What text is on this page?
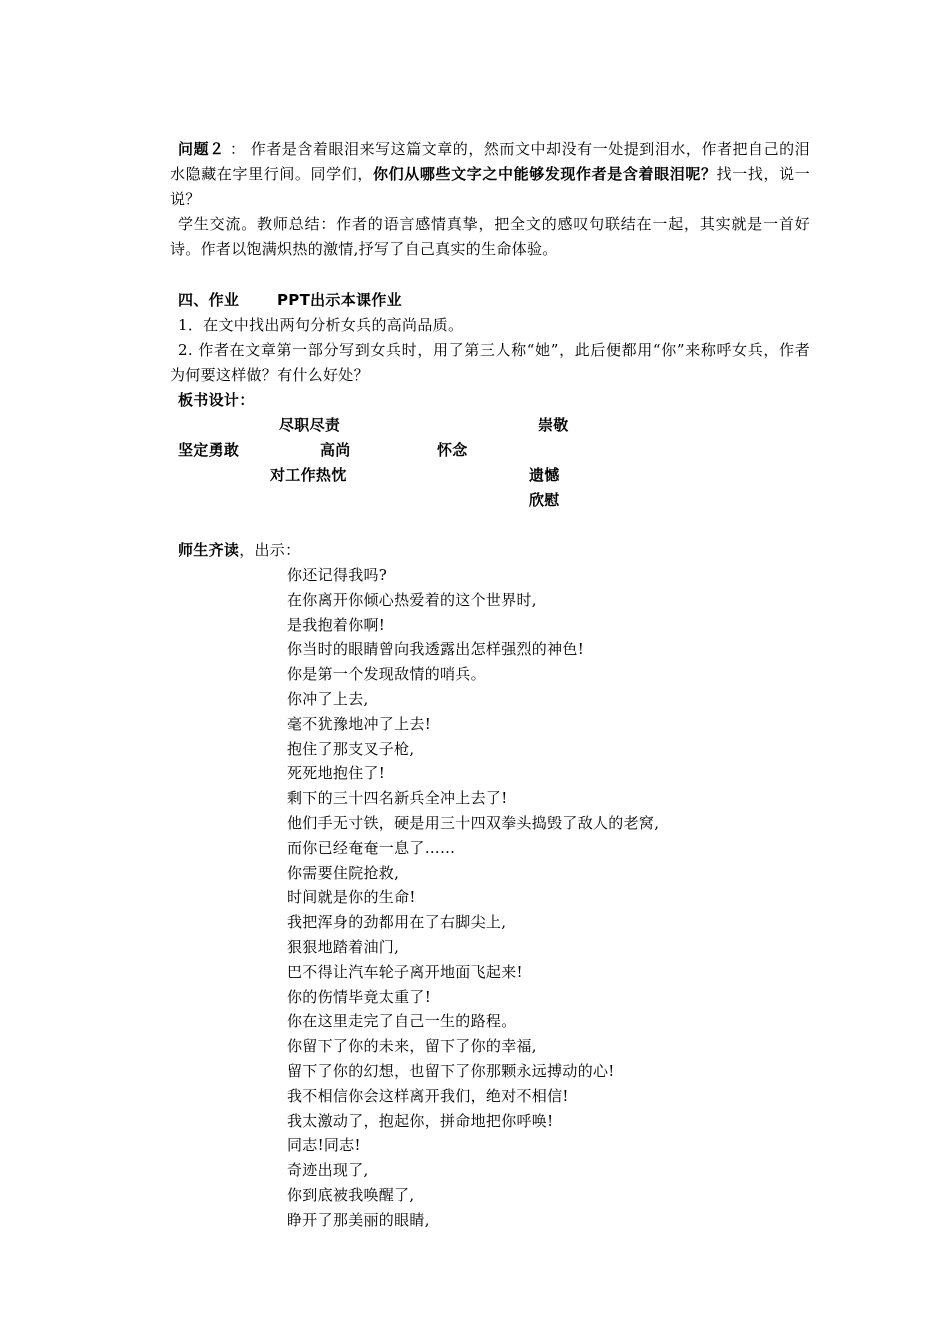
问题２ ： 作者是含着眼泪来写这篇文章的，然而文中却没有一处提到泪水，作者把自己的泪水隐藏在字里行间。同学们，你们从哪些文字之中能够发现作者是含着眼泪呢？找一找，说一说？
学生交流。教师总结：作者的语言感情真挚，把全文的感叹句联结在一起，其实就是一首好诗。作者以饱满炽热的激情,抒写了自己真实的生命体验。
四、作业	PPT出示本课作业
1．在文中找出两句分析女兵的高尚品质。
2. 作者在文章第一部分写到女兵时，用了第三人称“她”，此后便都用“你”来称呼女兵，作者为何要这样做？有什么好处？
板书设计：
尽职尽责	崇敬
坚定勇敢	高尚	怀念
对工作热忱	遗憾
欣慰
师生齐读，出示：
你还记得我吗?
在你离开你倾心热爱着的这个世界时,
是我抱着你啊!
你当时的眼睛曾向我透露出怎样强烈的神色!
你是第一个发现敌情的哨兵。
你冲了上去,
毫不犹豫地冲了上去!
抱住了那支叉子枪,
死死地抱住了!
剩下的三十四名新兵全冲上去了!
他们手无寸铁，硬是用三十四双拳头捣毁了敌人的老窝,
而你已经奄奄一息了……
你需要住院抢救,
时间就是你的生命!
我把浑身的劲都用在了右脚尖上,
狠狠地踏着油门,
巴不得让汽车轮子离开地面飞起来!
你的伤情毕竟太重了!
你在这里走完了自己一生的路程。
你留下了你的未来，留下了你的幸福,
留下了你的幻想，也留下了你那颗永远搏动的心!
我不相信你会这样离开我们，绝对不相信!
我太激动了，抱起你，拼命地把你呼唤!
同志!同志!
奇迹出现了,
你到底被我唤醒了,
睁开了那美丽的眼睛,
